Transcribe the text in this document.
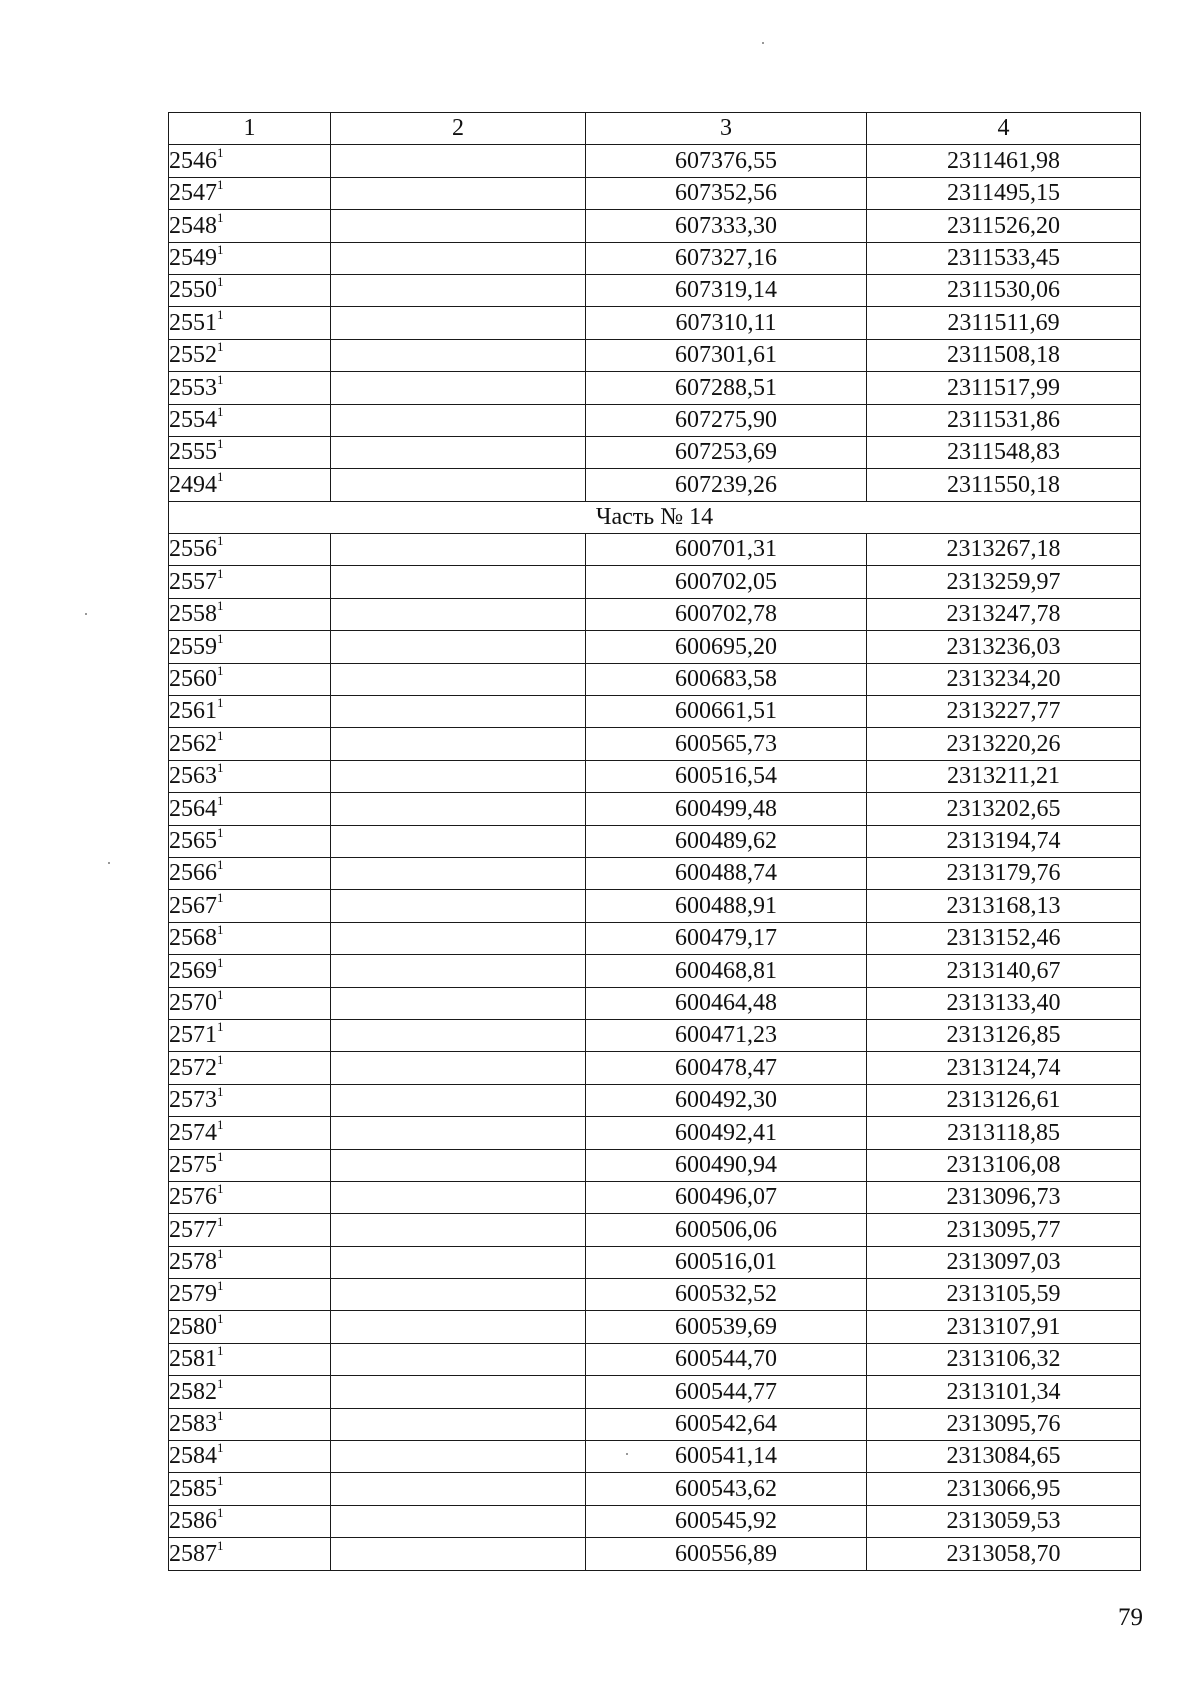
1	2	3	4
2546$^1$		607376,55	2311461,98
2547$^1$		607352,56	2311495,15
2548$^1$		607333,30	2311526,20
2549$^1$		607327,16	2311533,45
2550$^1$		607319,14	2311530,06
2551$^1$		607310,11	2311511,69
2552$^1$		607301,61	2311508,18
2553$^1$		607288,51	2311517,99
2554$^1$		607275,90	2311531,86
2555$^1$		607253,69	2311548,83
2494$^1$		607239,26	2311550,18
Часть № 14			
2556$^1$		600701,31	2313267,18
2557$^1$		600702,05	2313259,97
2558$^1$		600702,78	2313247,78
2559$^1$		600695,20	2313236,03
2560$^1$		600683,58	2313234,20
2561$^1$		600661,51	2313227,77
2562$^1$		600565,73	2313220,26
2563$^1$		600516,54	2313211,21
2564$^1$		600499,48	2313202,65
2565$^1$		600489,62	2313194,74
2566$^1$		600488,74	2313179,76
2567$^1$		600488,91	2313168,13
2568$^1$		600479,17	2313152,46
2569$^1$		600468,81	2313140,67
2570$^1$		600464,48	2313133,40
2571$^1$		600471,23	2313126,85
2572$^1$		600478,47	2313124,74
2573$^1$		600492,30	2313126,61
2574$^1$		600492,41	2313118,85
2575$^1$		600490,94	2313106,08
2576$^1$		600496,07	2313096,73
2577$^1$		600506,06	2313095,77
2578$^1$		600516,01	2313097,03
2579$^1$		600532,52	2313105,59
2580$^1$		600539,69	2313107,91
2581$^1$		600544,70	2313106,32
2582$^1$		600544,77	2313101,34
2583$^1$		600542,64	2313095,76
2584$^1$		600541,14	2313084,65
2585$^1$		600543,62	2313066,95
2586$^1$		600545,92	2313059,53
2587$^1$		600556,89	2313058,70
79
